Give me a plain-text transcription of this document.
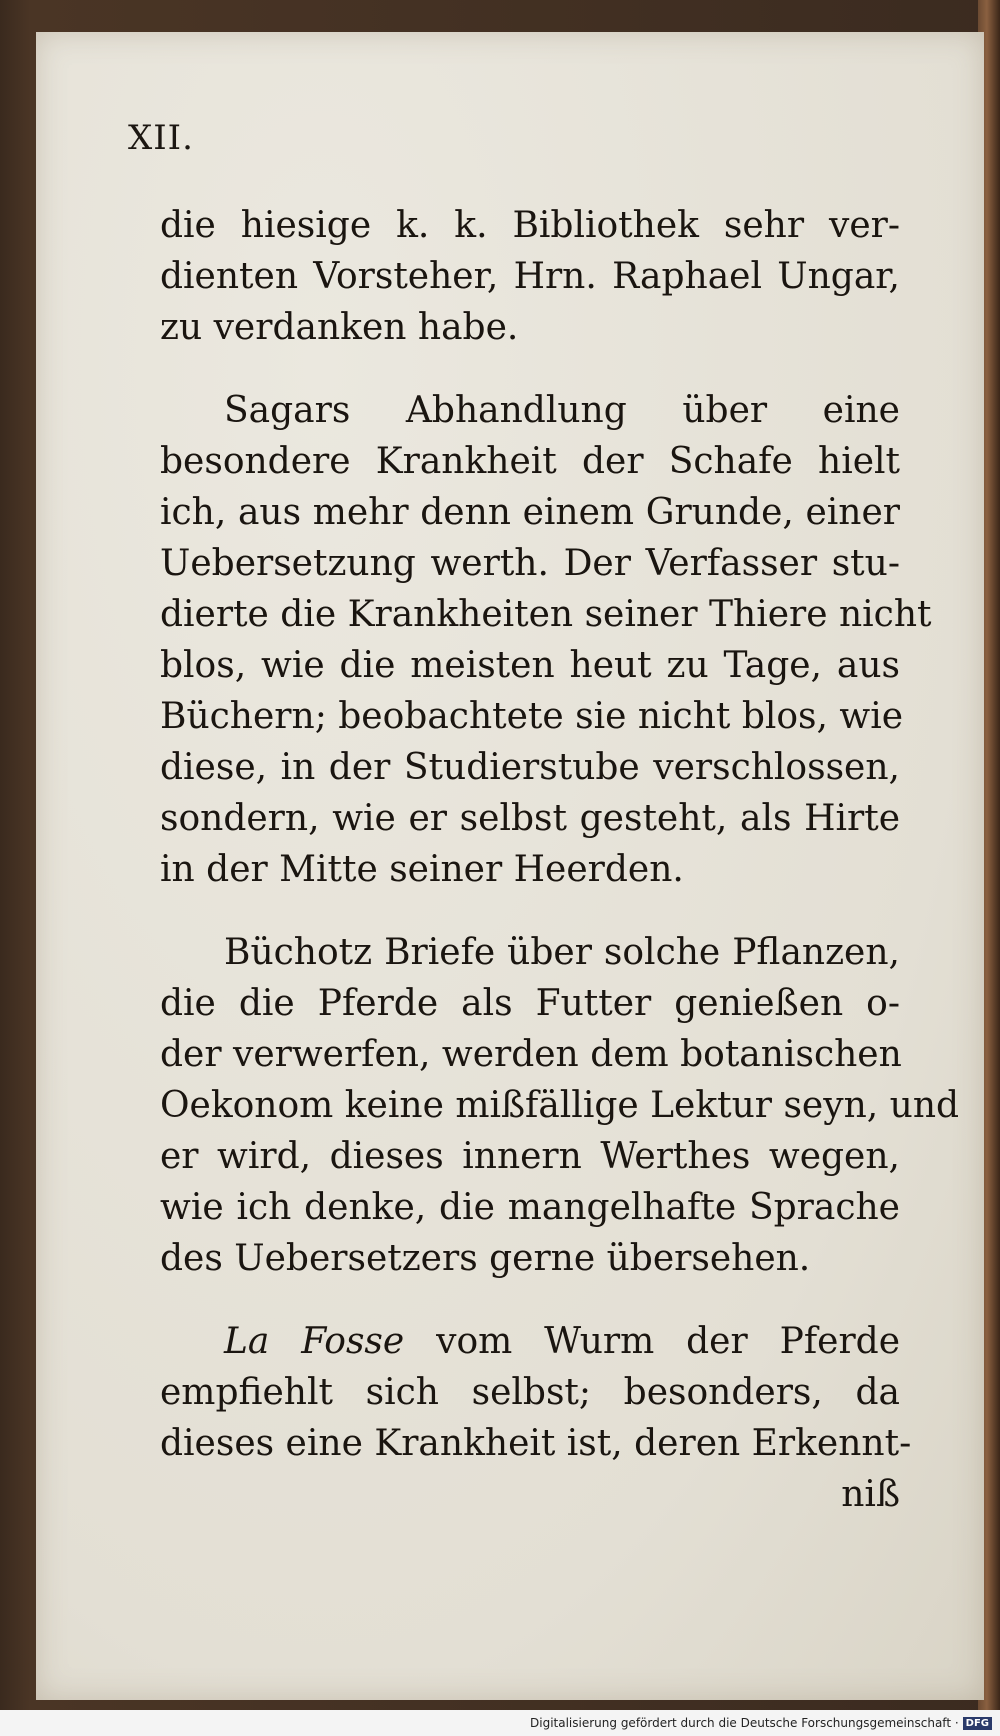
XII.
die hiesige k. k. Bibliothek sehr ver-
dienten Vorsteher, Hrn. Raphael Ungar,
zu verdanken habe.
Sagars Abhandlung über eine
besondere Krankheit der Schafe hielt
ich, aus mehr denn einem Grunde, einer
Uebersetzung werth. Der Verfasser stu-
dierte die Krankheiten seiner Thiere nicht
blos, wie die meisten heut zu Tage, aus
Büchern; beobachtete sie nicht blos, wie
diese, in der Studierstube verschlossen,
sondern, wie er selbst gesteht, als Hirte
in der Mitte seiner Heerden.
Büchotz Briefe über solche Pflanzen,
die die Pferde als Futter genießen o-
der verwerfen, werden dem botanischen
Oekonom keine mißfällige Lektur seyn, und
er wird, dieses innern Werthes wegen,
wie ich denke, die mangelhafte Sprache
des Uebersetzers gerne übersehen.
La Fosse vom Wurm der Pferde
empfiehlt sich selbst; besonders, da
dieses eine Krankheit ist, deren Erkennt-
niß
Digitalisierung gefördert durch die Deutsche Forschungsgemeinschaft · DFG
